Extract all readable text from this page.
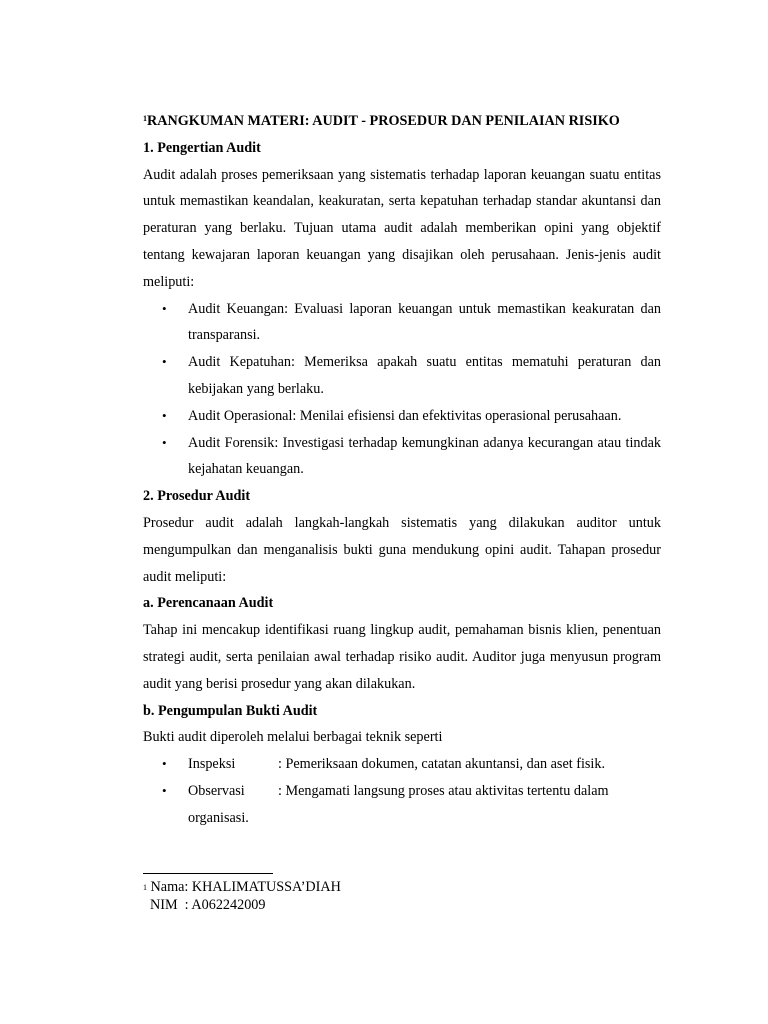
$^1$RANGKUMAN MATERI: AUDIT - PROSEDUR DAN PENILAIAN RISIKO

1. Pengertian Audit

Audit adalah proses pemeriksaan yang sistematis terhadap laporan keuangan suatu entitas untuk memastikan keandalan, keakuratan, serta kepatuhan terhadap standar akuntansi dan peraturan yang berlaku. Tujuan utama audit adalah memberikan opini yang objektif tentang kewajaran laporan keuangan yang disajikan oleh perusahaan. Jenis-jenis audit meliputi:

• Audit Keuangan: Evaluasi laporan keuangan untuk memastikan keakuratan dan transparansi.
• Audit Kepatuhan: Memeriksa apakah suatu entitas mematuhi peraturan dan kebijakan yang berlaku.
• Audit Operasional: Menilai efisiensi dan efektivitas operasional perusahaan.
• Audit Forensik: Investigasi terhadap kemungkinan adanya kecurangan atau tindak kejahatan keuangan.

2. Prosedur Audit

Prosedur audit adalah langkah-langkah sistematis yang dilakukan auditor untuk mengumpulkan dan menganalisis bukti guna mendukung opini audit. Tahapan prosedur audit meliputi:

a. Perencanaan Audit

Tahap ini mencakup identifikasi ruang lingkup audit, pemahaman bisnis klien, penentuan strategi audit, serta penilaian awal terhadap risiko audit. Auditor juga menyusun program audit yang berisi prosedur yang akan dilakukan.

b. Pengumpulan Bukti Audit

Bukti audit diperoleh melalui berbagai teknik seperti

• Inspeksi	: Pemeriksaan dokumen, catatan akuntansi, dan aset fisik.
• Observasi	: Mengamati langsung proses atau aktivitas tertentu dalam
organisasi.
$^1$ Nama: KHALIMATUSSA’DIAH
NIM  : A062242009
